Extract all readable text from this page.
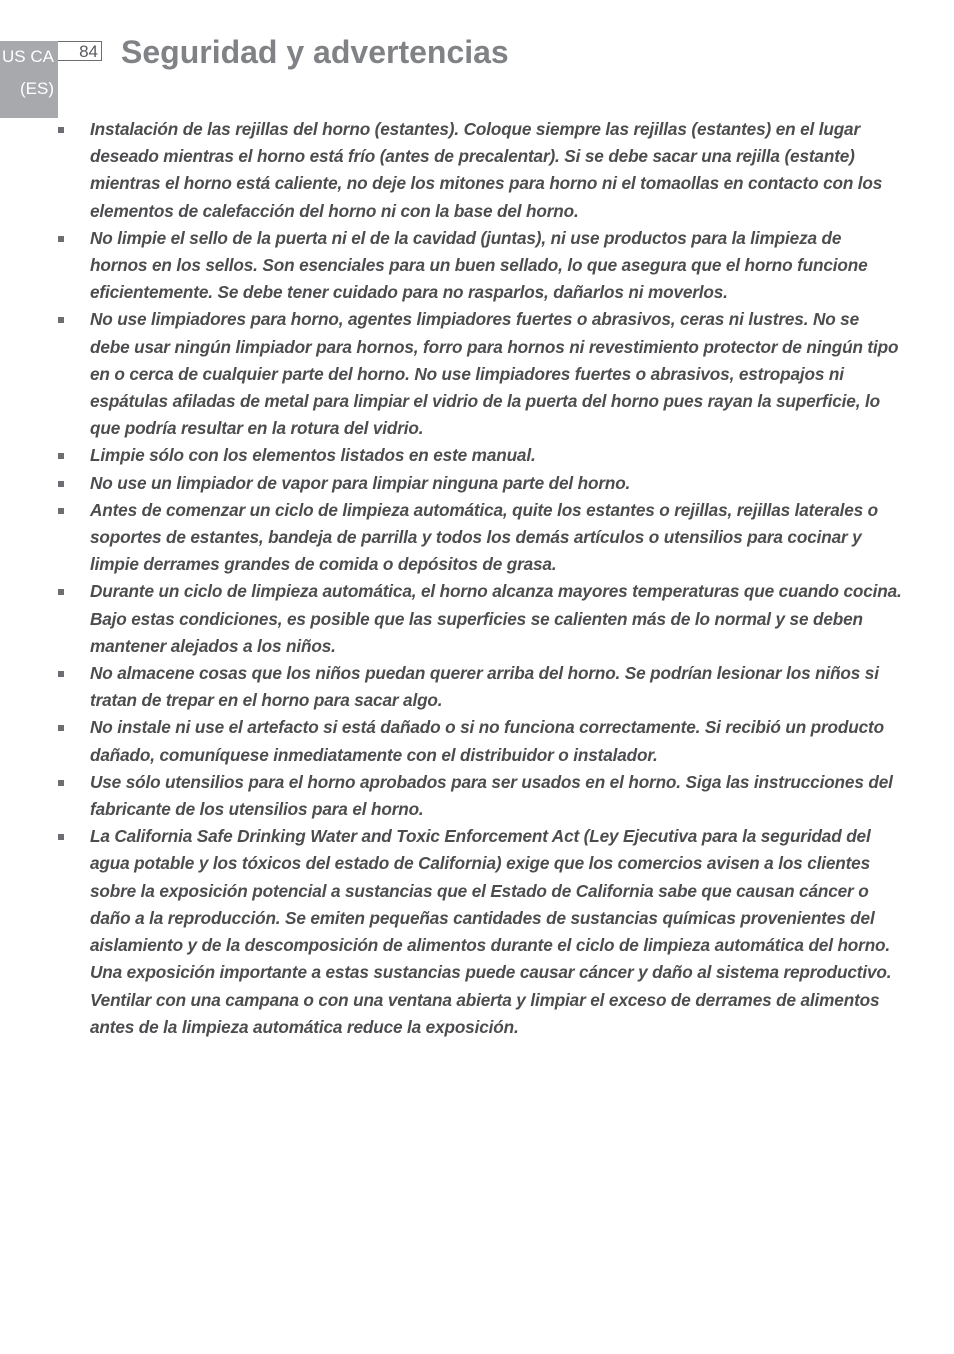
US CA
(ES)
84 Seguridad y advertencias
Instalación de las rejillas del horno (estantes). Coloque siempre las rejillas (estantes) en el lugar deseado mientras el horno está frío (antes de precalentar). Si se debe sacar una rejilla (estante) mientras el horno está caliente, no deje los mitones para horno ni el tomaollas en contacto con los elementos de calefacción del horno ni con la base del horno.
No limpie el sello de la puerta ni el de la cavidad (juntas), ni use productos para la limpieza de hornos en los sellos. Son esenciales para un buen sellado, lo que asegura que el horno funcione eficientemente. Se debe tener cuidado para no rasparlos, dañarlos ni moverlos.
No use limpiadores para horno, agentes limpiadores fuertes o abrasivos, ceras ni lustres. No se debe usar ningún limpiador para hornos, forro para hornos ni revestimiento protector de ningún tipo en o cerca de cualquier parte del horno. No use limpiadores fuertes o abrasivos, estropajos ni espátulas afiladas de metal para limpiar el vidrio de la puerta del horno pues rayan la superficie, lo que podría resultar en la rotura del vidrio.
Limpie sólo con los elementos listados en este manual.
No use un limpiador de vapor para limpiar ninguna parte del horno.
Antes de comenzar un ciclo de limpieza automática, quite los estantes o rejillas, rejillas laterales o soportes de estantes, bandeja de parrilla y todos los demás artículos o utensilios para cocinar y limpie derrames grandes de comida o depósitos de grasa.
Durante un ciclo de limpieza automática, el horno alcanza mayores temperaturas que cuando cocina. Bajo estas condiciones, es posible que las superficies se calienten más de lo normal y se deben mantener alejados a los niños.
No almacene cosas que los niños puedan querer arriba del horno. Se podrían lesionar los niños si tratan de trepar en el horno para sacar algo.
No instale ni use el artefacto si está dañado o si no funciona correctamente. Si recibió un producto dañado, comuníquese inmediatamente con el distribuidor o instalador.
Use sólo utensilios para el horno aprobados para ser usados en el horno. Siga las instrucciones del fabricante de los utensilios para el horno.
La California Safe Drinking Water and Toxic Enforcement Act (Ley Ejecutiva para la seguridad del agua potable y los tóxicos del estado de California) exige que los comercios avisen a los clientes sobre la exposición potencial a sustancias que el Estado de California sabe que causan cáncer o daño a la reproducción. Se emiten pequeñas cantidades de sustancias químicas provenientes del aislamiento y de la descomposición de alimentos durante el ciclo de limpieza automática del horno. Una exposición importante a estas sustancias puede causar cáncer y daño al sistema reproductivo. Ventilar con una campana o con una ventana abierta y limpiar el exceso de derrames de alimentos antes de la limpieza automática reduce la exposición.
